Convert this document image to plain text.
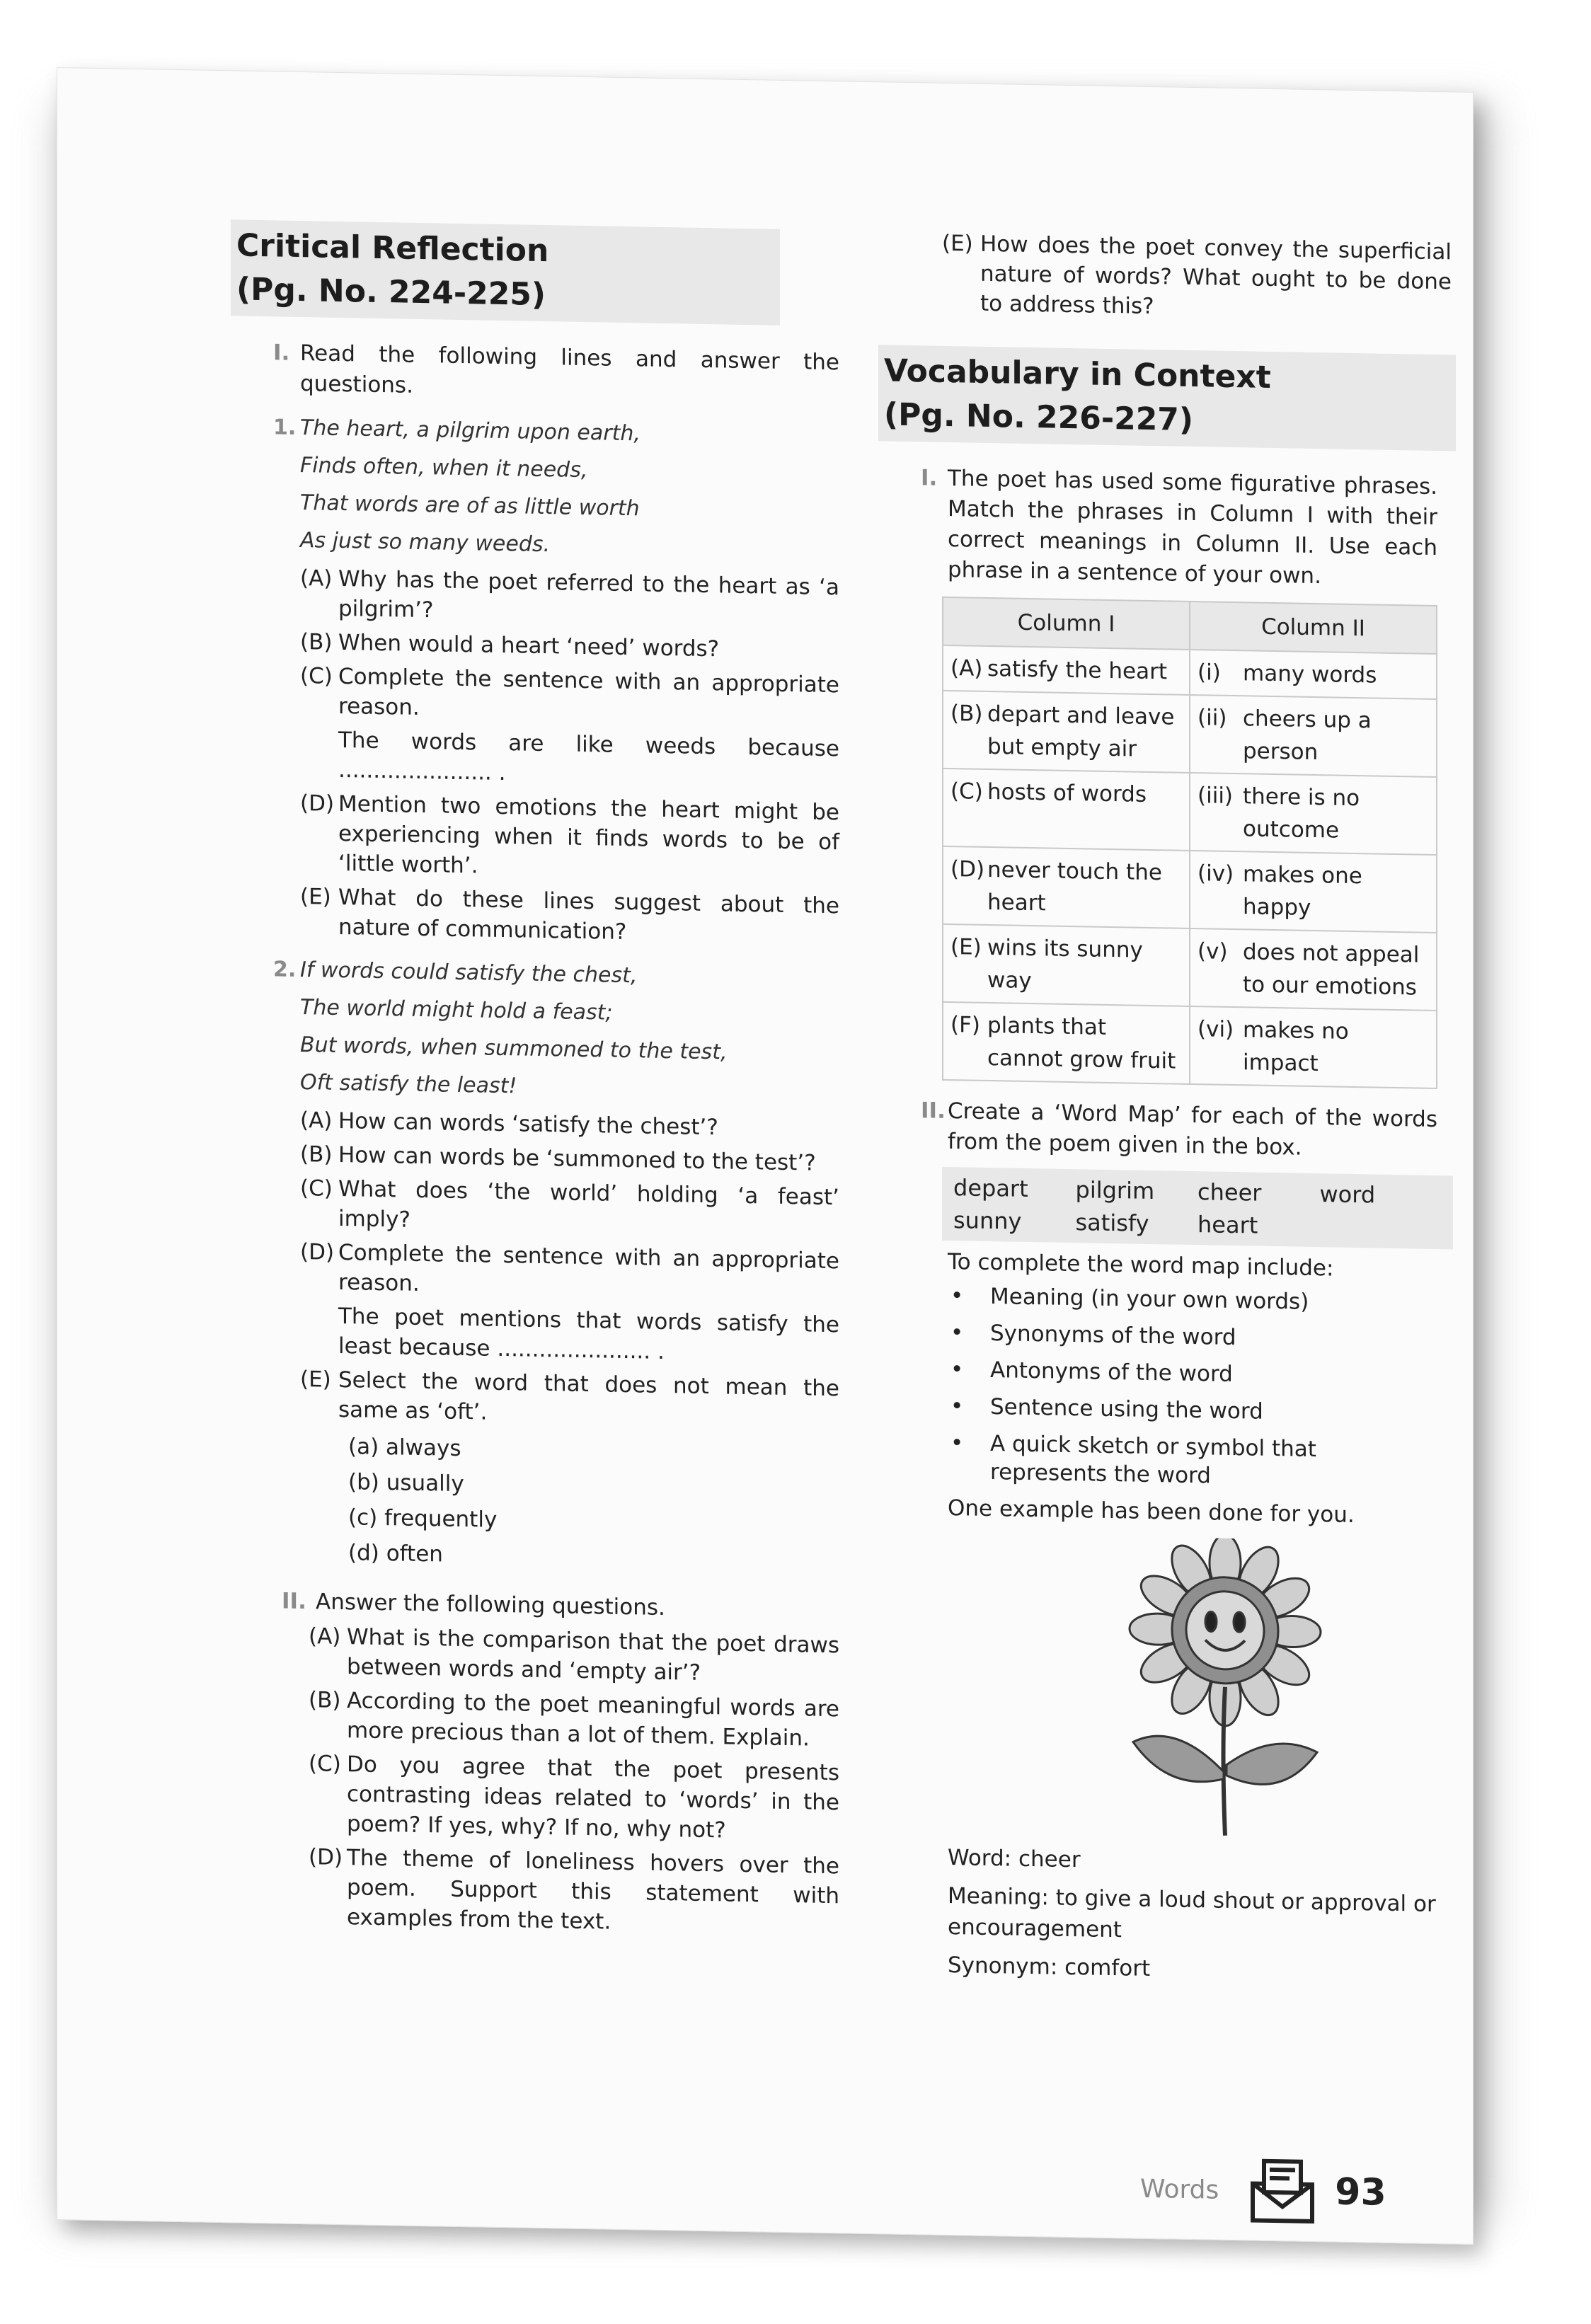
Critical Reflection
(Pg. No. 224-225)
I. Read the following lines and answer the questions.
1. The heart, a pilgrim upon earth,
Finds often, when it needs,
That words are of as little worth
As just so many weeds.
(A) Why has the poet referred to the heart as ‘a pilgrim’?
(B) When would a heart ‘need’ words?
(C) Complete the sentence with an appropriate reason.
The words are like weeds because ...................... .
(D) Mention two emotions the heart might be experiencing when it finds words to be of ‘little worth’.
(E) What do these lines suggest about the nature of communication?
2. If words could satisfy the chest,
The world might hold a feast;
But words, when summoned to the test,
Oft satisfy the least!
(A) How can words ‘satisfy the chest’?
(B) How can words be ‘summoned to the test’?
(C) What does ‘the world’ holding ‘a feast’ imply?
(D) Complete the sentence with an appropriate reason.
The poet mentions that words satisfy the least because ...................... .
(E) Select the word that does not mean the same as ‘oft’.
(a) always
(b) usually
(c) frequently
(d) often
II. Answer the following questions.
(A) What is the comparison that the poet draws between words and ‘empty air’?
(B) According to the poet meaningful words are more precious than a lot of them. Explain.
(C) Do you agree that the poet presents contrasting ideas related to ‘words’ in the poem? If yes, why? If no, why not?
(D) The theme of loneliness hovers over the poem. Support this statement with examples from the text.
(E) How does the poet convey the superficial nature of words? What ought to be done to address this?
Vocabulary in Context
(Pg. No. 226-227)
I. The poet has used some figurative phrases. Match the phrases in Column I with their correct meanings in Column II. Use each phrase in a sentence of your own.
Column I	Column II

(A) satisfy the heart	(i) many words

(B) depart and leave but empty air	(ii) cheers up a person

(C) hosts of words	(iii) there is no outcome

(D) never touch the heart	(iv) makes one happy

(E) wins its sunny way	(v) does not appeal to our emotions

(F) plants that cannot grow fruit	(vi) makes no impact
II. Create a ‘Word Map’ for each of the words from the poem given in the box.
depart	pilgrim	cheer	word
sunny	satisfy	heart
To complete the word map include:
•	Meaning (in your own words)
•	Synonyms of the word
•	Antonyms of the word
•	Sentence using the word
•	A quick sketch or symbol that represents the word
One example has been done for you.
Word: cheer
Meaning: to give a loud shout or approval or encouragement
Synonym: comfort
Words	93
